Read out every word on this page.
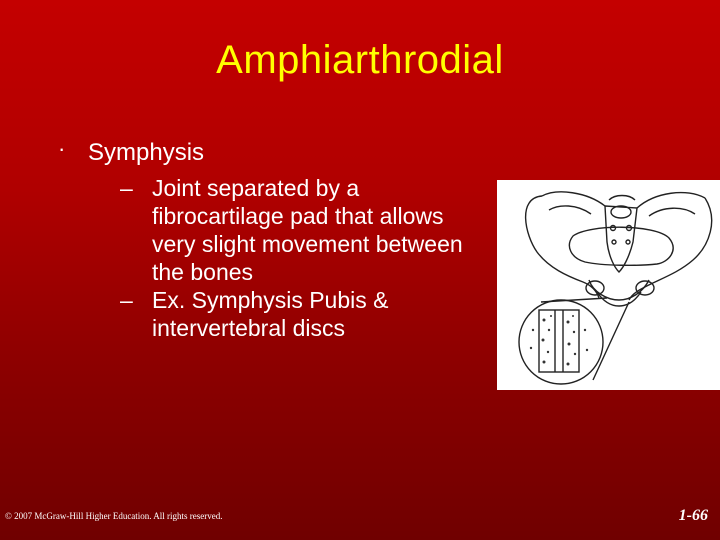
Amphiarthrodial
· Symphysis
– Joint separated by a
fibrocartilage pad that allows
very slight movement between
the bones
– Ex. Symphysis Pubis &
intervertebral discs
© 2007 McGraw-Hill Higher Education. All rights reserved.	1-66
